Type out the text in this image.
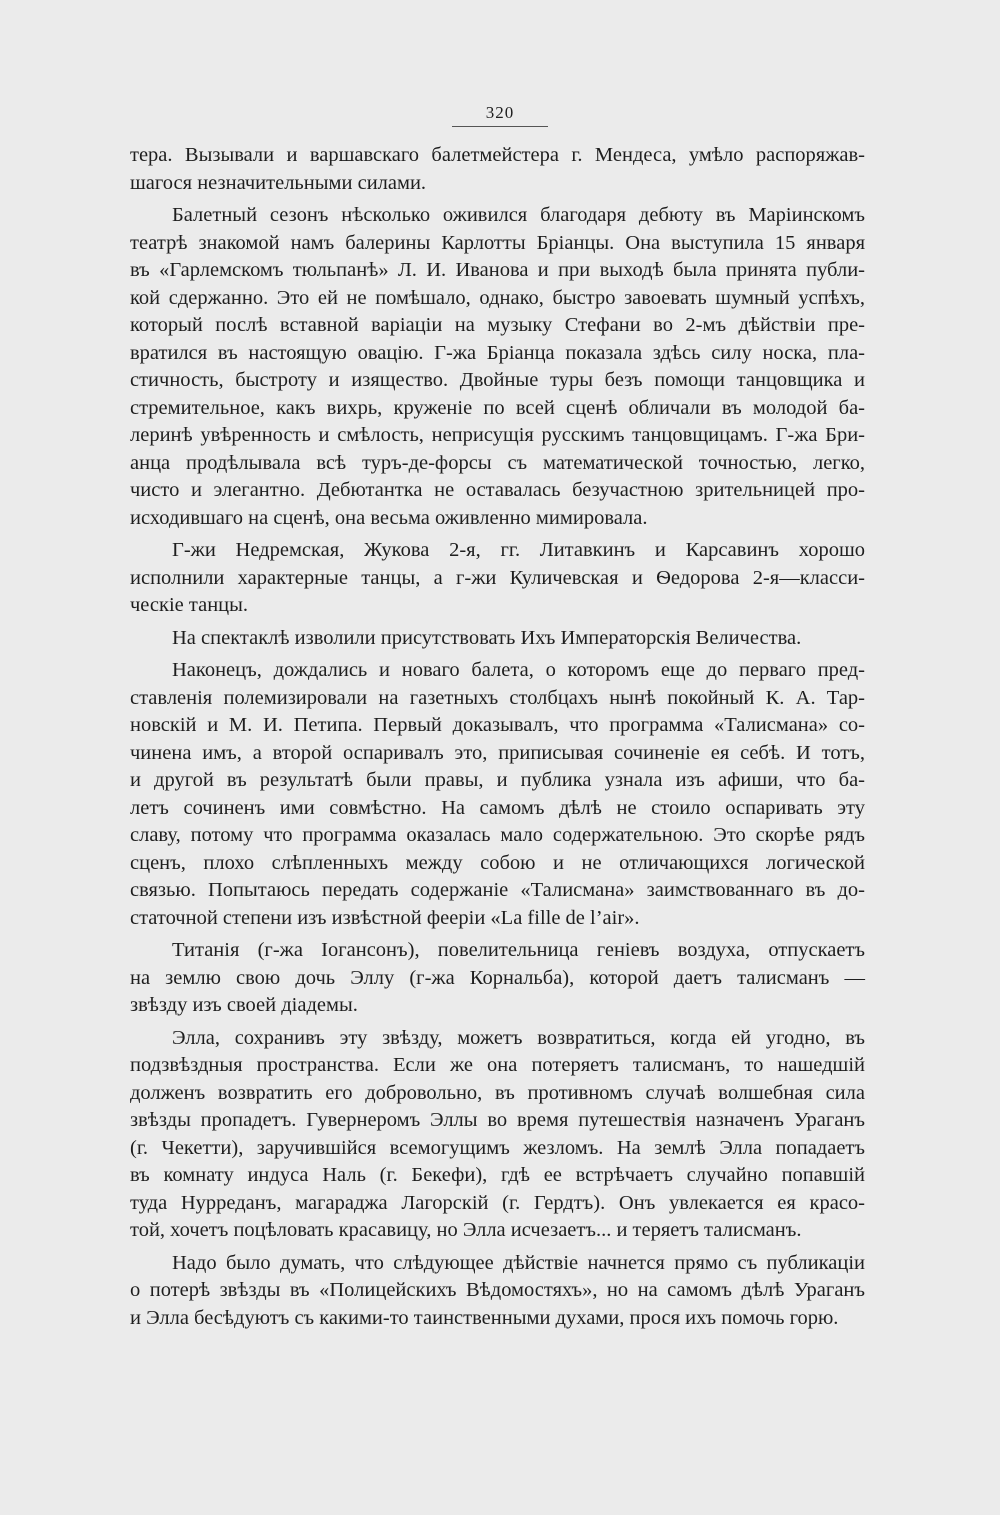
320
тера. Вызывали и варшавскаго балетмейстера г. Мендеса, умѣло распоряжав-
шагося незначительными силами.
Балетный сезонъ нѣсколько оживился благодаря дебюту въ Маріинскомъ
театрѣ знакомой намъ балерины Карлотты Бріанцы. Она выступила 15 января
въ «Гарлемскомъ тюльпанѣ» Л. И. Иванова и при выходѣ была принята публи-
кой сдержанно. Это ей не помѣшало, однако, быстро завоевать шумный успѣхъ,
который послѣ вставной варіаціи на музыку Стефани во 2-мъ дѣйствіи пре-
вратился въ настоящую овацію. Г-жа Бріанца показала здѣсь силу носка, пла-
стичность, быстроту и изящество. Двойные туры безъ помощи танцовщика и
стремительное, какъ вихрь, круженіе по всей сценѣ обличали въ молодой ба-
леринѣ увѣренность и смѣлость, неприсущія русскимъ танцовщицамъ. Г-жа Бри-
анца продѣлывала всѣ туръ-де-форсы съ математической точностью, легко,
чисто и элегантно. Дебютантка не оставалась безучастною зрительницей про-
исходившаго на сценѣ, она весьма оживленно мимировала.
Г-жи Недремская, Жукова 2-я, гг. Литавкинъ и Карсавинъ хорошо
исполнили характерные танцы, а г-жи Куличевская и Ѳедорова 2-я—класси-
ческіе танцы.
На спектаклѣ изволили присутствовать Ихъ Императорскія Величества.
Наконецъ, дождались и новаго балета, о которомъ еще до перваго пред-
ставленія полемизировали на газетныхъ столбцахъ нынѣ покойный К. А. Тар-
новскій и М. И. Петипа. Первый доказывалъ, что программа «Талисмана» со-
чинена имъ, а второй оспаривалъ это, приписывая сочиненіе ея себѣ. И тотъ,
и другой въ результатѣ были правы, и публика узнала изъ афиши, что ба-
летъ сочиненъ ими совмѣстно. На самомъ дѣлѣ не стоило оспаривать эту
славу, потому что программа оказалась мало содержательною. Это скорѣе рядъ
сценъ, плохо слѣпленныхъ между собою и не отличающихся логической
связью. Попытаюсь передать содержаніе «Талисмана» заимствованнаго въ до-
статочной степени изъ извѣстной феерiи «La fille de l’air».
Титанія (г-жа Іогансонъ), повелительница геніевъ воздуха, отпускаетъ
на землю свою дочь Эллу (г-жа Корнальба), которой даетъ талисманъ —
звѣзду изъ своей діадемы.
Элла, сохранивъ эту звѣзду, можетъ возвратиться, когда ей угодно, въ
подзвѣздныя пространства. Если же она потеряетъ талисманъ, то нашедшій
долженъ возвратить его добровольно, въ противномъ случаѣ волшебная сила
звѣзды пропадетъ. Гувернеромъ Эллы во время путешествія назначенъ Ураганъ
(г. Чекетти), заручившійся всемогущимъ жезломъ. На землѣ Элла попадаетъ
въ комнату индуса Наль (г. Бекефи), гдѣ ее встрѣчаетъ случайно попавшій
туда Нурреданъ, магараджа Лагорскій (г. Гердтъ). Онъ увлекается ея красо-
той, хочетъ поцѣловать красавицу, но Элла исчезаетъ... и теряетъ талисманъ.
Надо было думать, что слѣдующее дѣйствіе начнется прямо съ публикаціи
о потерѣ звѣзды въ «Полицейскихъ Вѣдомостяхъ», но на самомъ дѣлѣ Ураганъ
и Элла бесѣдуютъ съ какими-то таинственными духами, прося ихъ помочь горю.
